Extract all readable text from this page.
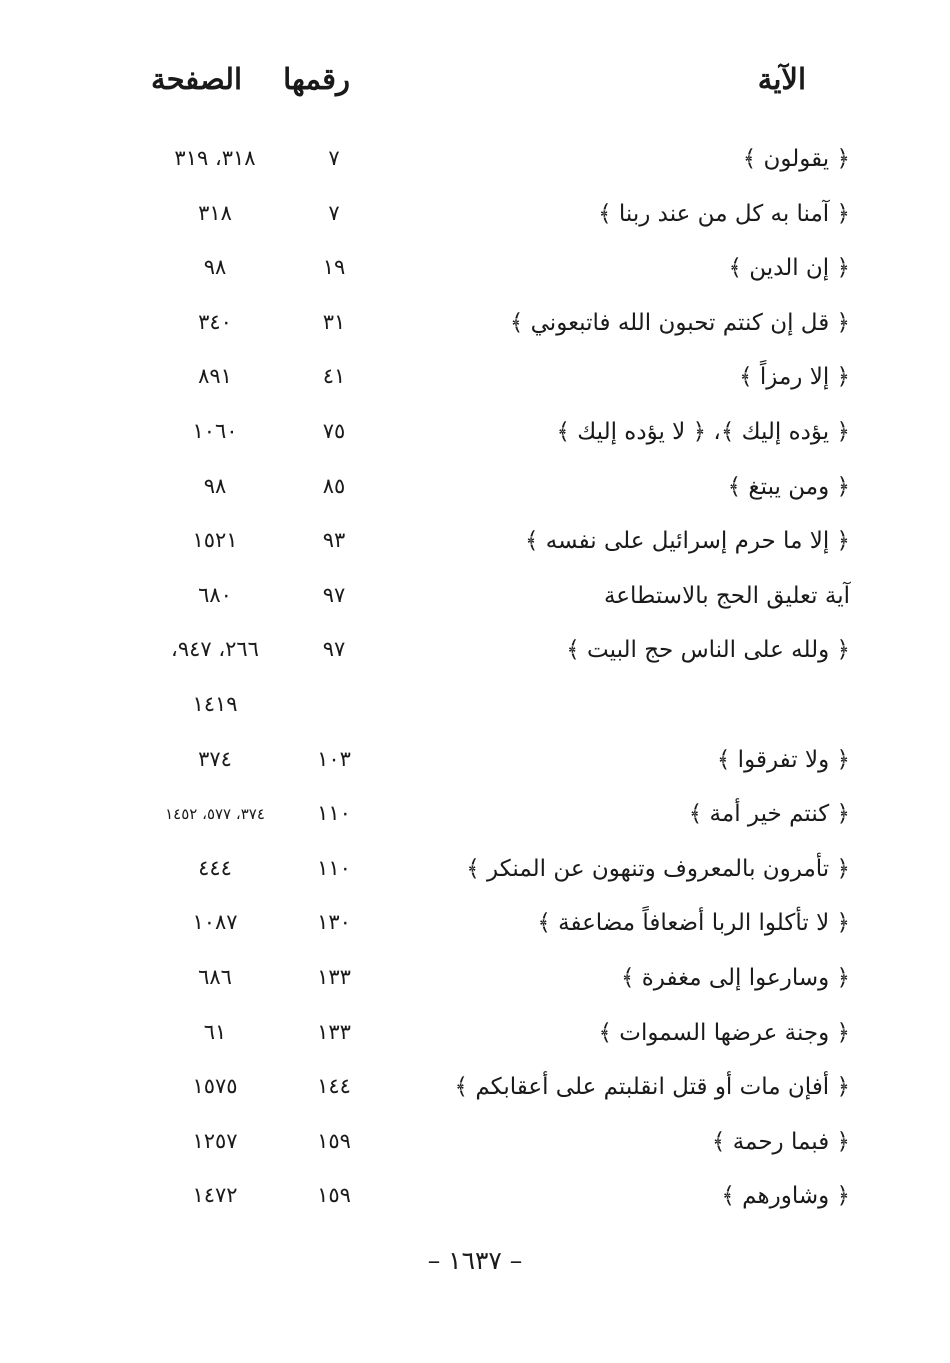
الآية
رقمها
الصفحة
﴿ يقولون ﴾
٧
٣١٨، ٣١٩
﴿ آمنا به كل من عند ربنا ﴾
٧
٣١٨
﴿ إن الدين ﴾
١٩
٩٨
﴿ قل إن كنتم تحبون الله فاتبعوني ﴾
٣١
٣٤٠
﴿ إلا رمزاً ﴾
٤١
٨٩١
﴿ يؤده إليك ﴾، ﴿ لا يؤده إليك ﴾
٧٥
١٠٦٠
﴿ ومن يبتغ ﴾
٨٥
٩٨
﴿ إلا ما حرم إسرائيل على نفسه ﴾
٩٣
١٥٢١
آية تعليق الحج بالاستطاعة
٩٧
٦٨٠
﴿ ولله على الناس حج البيت ﴾
٩٧
٢٦٦، ٩٤٧،
١٤١٩
﴿ ولا تفرقوا ﴾
١٠٣
٣٧٤
﴿ كنتم خير أمة ﴾
١١٠
٣٧٤، ٥٧٧، ١٤٥٢
﴿ تأمرون بالمعروف وتنهون عن المنكر ﴾
١١٠
٤٤٤
﴿ لا تأكلوا الربا أضعافاً مضاعفة ﴾
١٣٠
١٠٨٧
﴿ وسارعوا إلى مغفرة ﴾
١٣٣
٦٨٦
﴿ وجنة عرضها السموات ﴾
١٣٣
٦١
﴿ أفإن مات أو قتل انقلبتم على أعقابكم ﴾
١٤٤
١٥٧٥
﴿ فبما رحمة ﴾
١٥٩
١٢٥٧
﴿ وشاورهم ﴾
١٥٩
١٤٧٢
– ١٦٣٧ –
